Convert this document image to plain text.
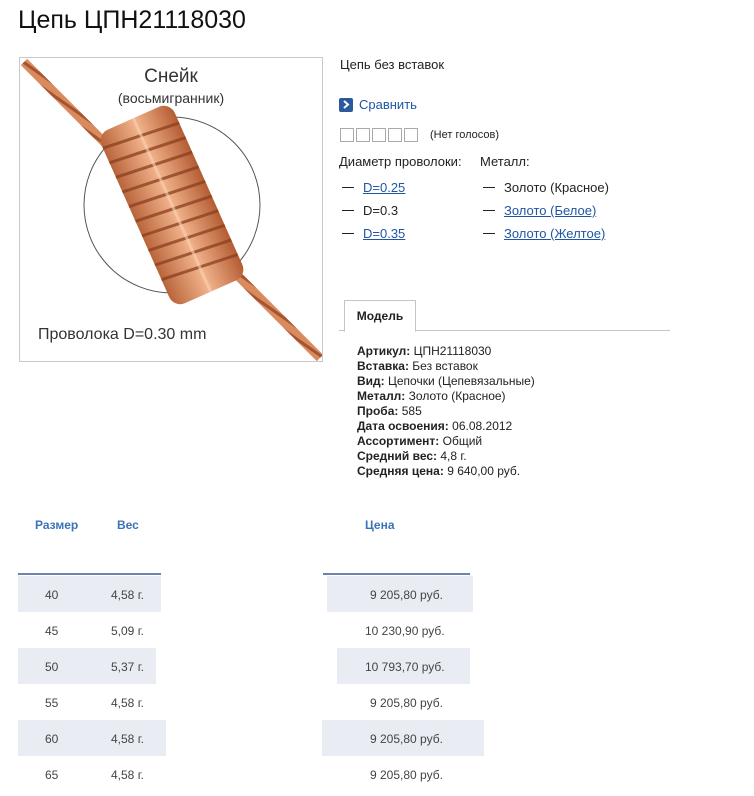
Цепь ЦПН21118030
Снейк
(восьмигранник)
Проволока D=0.30 mm
Цепь без вставок
Сравнить
(Нет голосов)
Диаметр проволоки: Металл:
D=0.25
D=0.3
D=0.35
Золото (Красное)
Золото (Белое)
Золото (Желтое)
Модель
Артикул: ЦПН21118030
Вставка: Без вставок
Вид: Цепочки (Цепевязальные)
Металл: Золото (Красное)
Проба: 585
Дата освоения: 06.08.2012
Ассортимент: Общий
Средний вес: 4,8 г.
Средняя цена: 9 640,00 руб.
Размер	Вес	Цена
40	4,58 г.	9 205,80 руб.
45	5,09 г.	10 230,90 руб.
50	5,37 г.	10 793,70 руб.
55	4,58 г.	9 205,80 руб.
60	4,58 г.	9 205,80 руб.
65	4,58 г.	9 205,80 руб.
